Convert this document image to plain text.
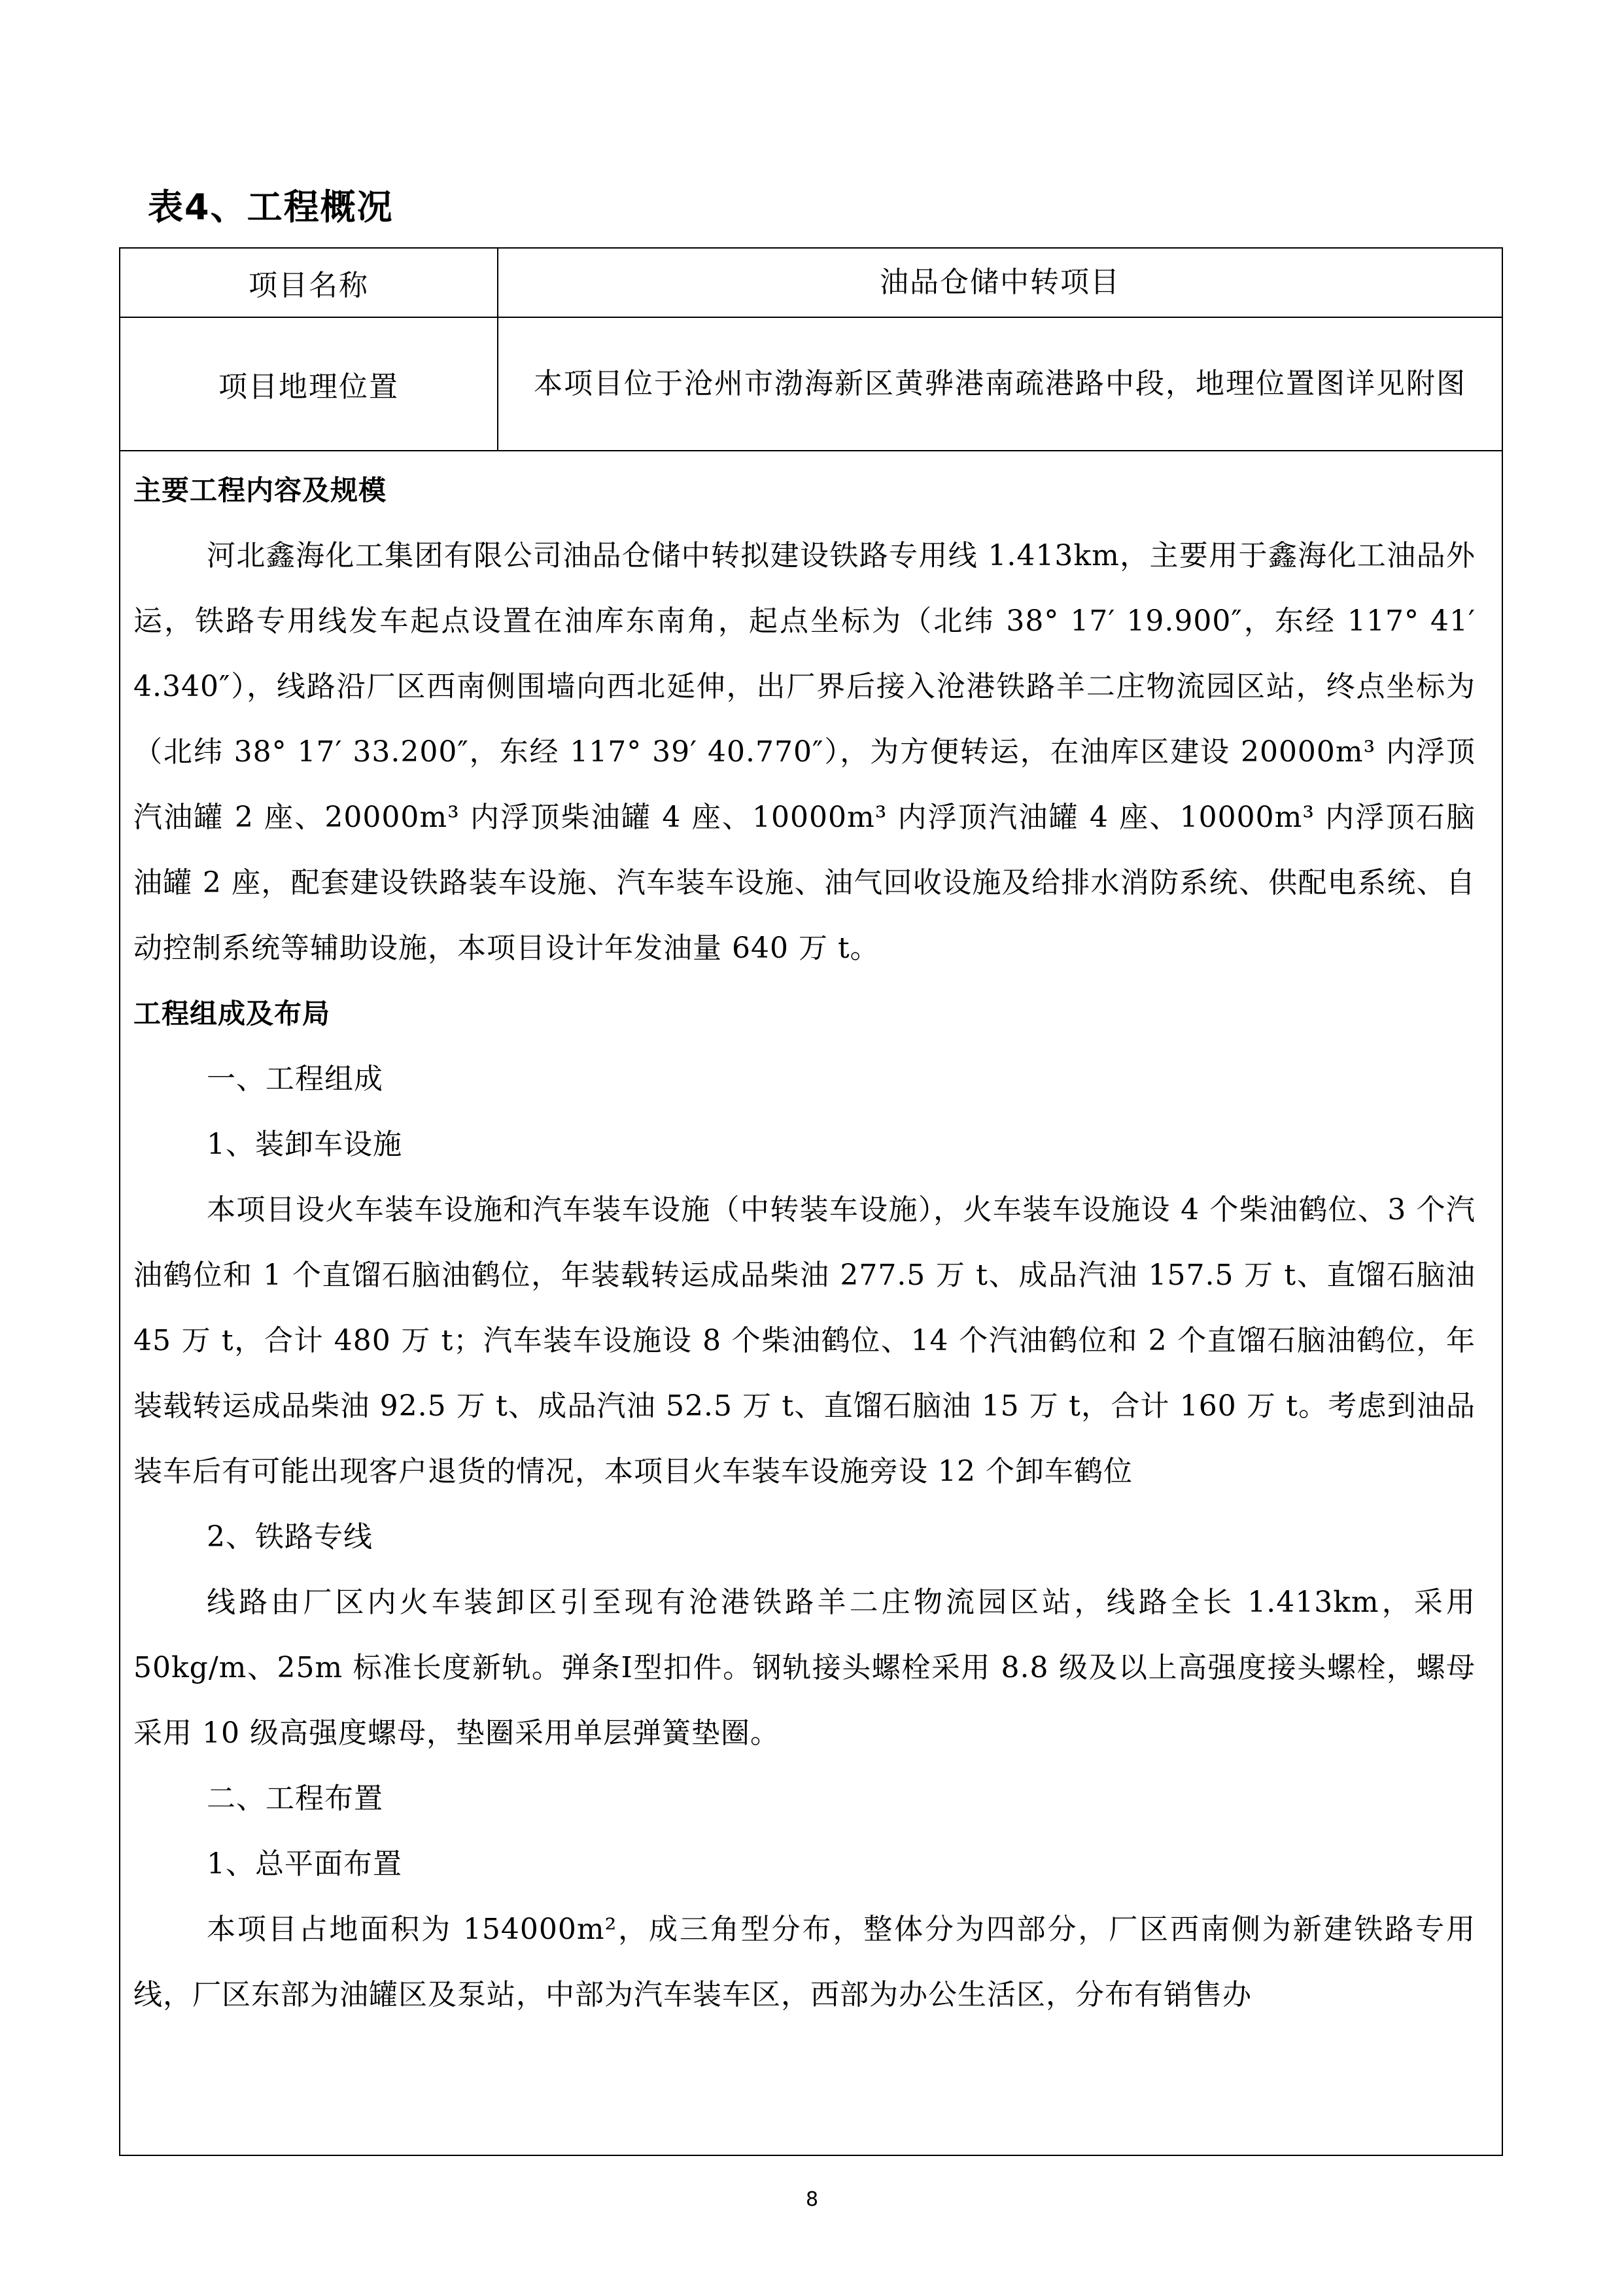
表4、工程概况
项目名称	油品仓储中转项目
项目地理位置	本项目位于沧州市渤海新区黄骅港南疏港路中段，地理位置图详见附图

主要工程内容及规模

河北鑫海化工集团有限公司油品仓储中转拟建设铁路专用线 1.413km，主要用于鑫海化工油品外运，铁路专用线发车起点设置在油库东南角，起点坐标为（北纬 38° 17′ 19.900″，东经 117° 41′ 4.340″），线路沿厂区西南侧围墙向西北延伸，出厂界后接入沧港铁路羊二庄物流园区站，终点坐标为（北纬 38° 17′ 33.200″，东经 117° 39′ 40.770″），为方便转运，在油库区建设 20000m³ 内浮顶汽油罐 2 座、20000m³ 内浮顶柴油罐 4 座、10000m³ 内浮顶汽油罐 4 座、10000m³ 内浮顶石脑油罐 2 座，配套建设铁路装车设施、汽车装车设施、油气回收设施及给排水消防系统、供配电系统、自动控制系统等辅助设施，本项目设计年发油量 640 万 t。

工程组成及布局

一、工程组成

1、装卸车设施

本项目设火车装车设施和汽车装车设施（中转装车设施），火车装车设施设 4 个柴油鹤位、3 个汽油鹤位和 1 个直馏石脑油鹤位，年装载转运成品柴油 277.5 万 t、成品汽油 157.5 万 t、直馏石脑油 45 万 t，合计 480 万 t；汽车装车设施设 8 个柴油鹤位、14 个汽油鹤位和 2 个直馏石脑油鹤位，年装载转运成品柴油 92.5 万 t、成品汽油 52.5 万 t、直馏石脑油 15 万 t，合计 160 万 t。考虑到油品装车后有可能出现客户退货的情况，本项目火车装车设施旁设 12 个卸车鹤位

2、铁路专线

线路由厂区内火车装卸区引至现有沧港铁路羊二庄物流园区站，线路全长 1.413km，采用 50kg/m、25m 标准长度新轨。弹条Ⅰ型扣件。钢轨接头螺栓采用 8.8 级及以上高强度接头螺栓，螺母采用 10 级高强度螺母，垫圈采用单层弹簧垫圈。

二、工程布置

1、总平面布置

本项目占地面积为 154000m²，成三角型分布，整体分为四部分，厂区西南侧为新建铁路专用线，厂区东部为油罐区及泵站，中部为汽车装车区，西部为办公生活区，分布有销售办

8
